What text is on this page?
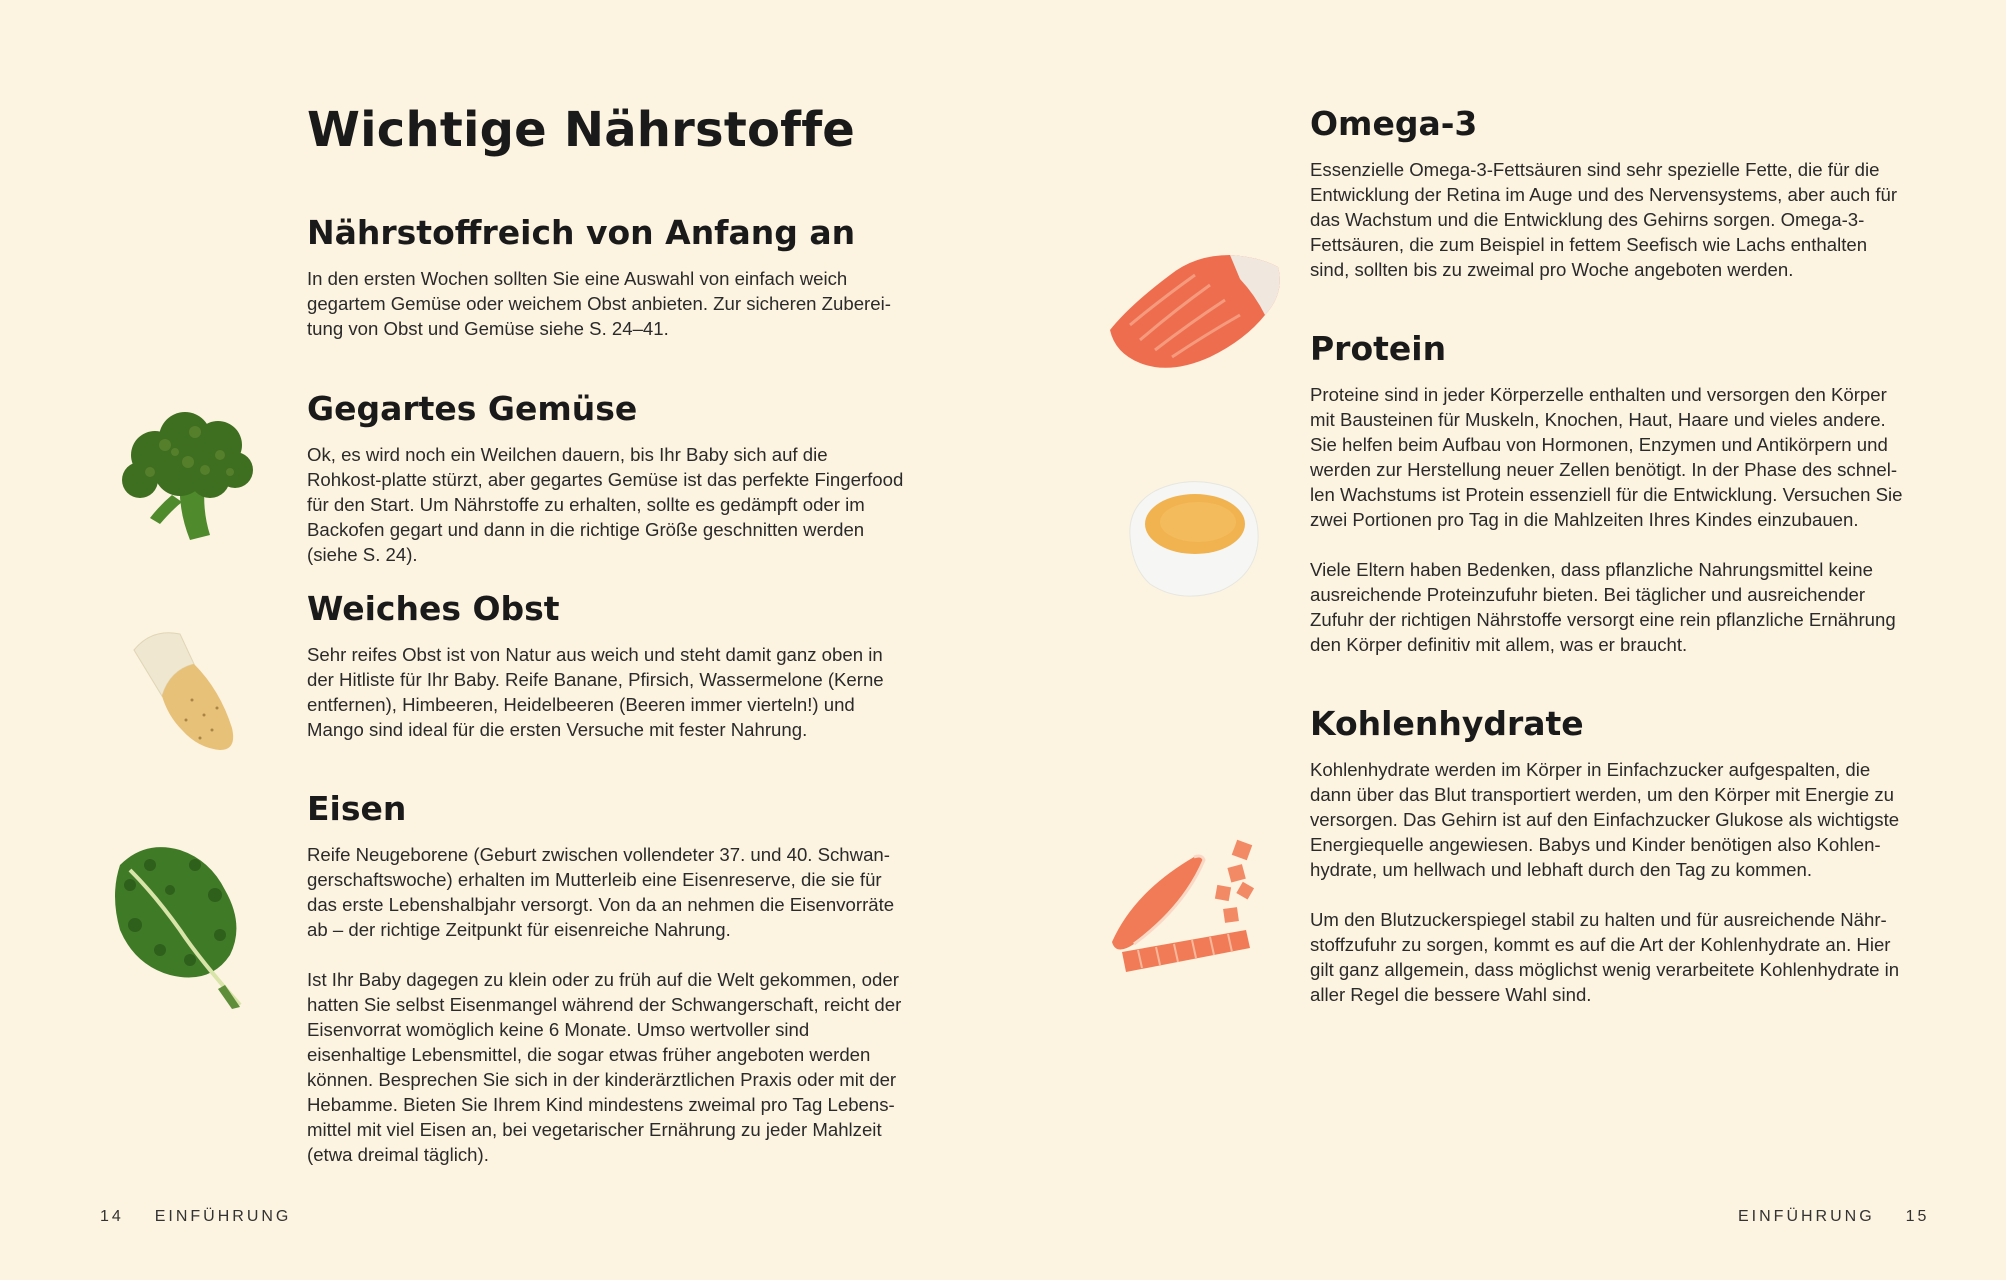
Wichtige Nährstoffe
Nährstoffreich von Anfang an

In den ersten Wochen sollten Sie eine Auswahl von einfach weich gegartem Gemüse oder weichem Obst anbieten. Zur sicheren Zuberei-tung von Obst und Gemüse siehe S. 24–41.

Gegartes Gemüse

Ok, es wird noch ein Weilchen dauern, bis Ihr Baby sich auf die Rohkost-platte stürzt, aber gegartes Gemüse ist das perfekte Fingerfood für den Start. Um Nährstoffe zu erhalten, sollte es gedämpft oder im Backofen gegart und dann in die richtige Größe geschnitten werden (siehe S. 24).

Weiches Obst

Sehr reifes Obst ist von Natur aus weich und steht damit ganz oben in der Hitliste für Ihr Baby. Reife Banane, Pfirsich, Wassermelone (Kerne entfernen), Himbeeren, Heidelbeeren (Beeren immer vierteln!) und Mango sind ideal für die ersten Versuche mit fester Nahrung.

Eisen

Reife Neugeborene (Geburt zwischen vollendeter 37. und 40. Schwan-gerschaftswoche) erhalten im Mutterleib eine Eisenreserve, die sie für das erste Lebenshalbjahr versorgt. Von da an nehmen die Eisenvorräte ab – der richtige Zeitpunkt für eisenreiche Nahrung.

Ist Ihr Baby dagegen zu klein oder zu früh auf die Welt gekommen, oder hatten Sie selbst Eisenmangel während der Schwangerschaft, reicht der Eisenvorrat womöglich keine 6 Monate. Umso wertvoller sind eisenhaltige Lebensmittel, die sogar etwas früher angeboten werden können. Besprechen Sie sich in der kinderärztlichen Praxis oder mit der Hebamme. Bieten Sie Ihrem Kind mindestens zweimal pro Tag Lebens-mittel mit viel Eisen an, bei vegetarischer Ernährung zu jeder Mahlzeit (etwa dreimal täglich).

Omega-3

Essenzielle Omega-3-Fettsäuren sind sehr spezielle Fette, die für die Entwicklung der Retina im Auge und des Nervensystems, aber auch für das Wachstum und die Entwicklung des Gehirns sorgen. Omega-3-Fettsäuren, die zum Beispiel in fettem Seefisch wie Lachs enthalten sind, sollten bis zu zweimal pro Woche angeboten werden.

Protein

Proteine sind in jeder Körperzelle enthalten und versorgen den Körper mit Bausteinen für Muskeln, Knochen, Haut, Haare und vieles andere. Sie helfen beim Aufbau von Hormonen, Enzymen und Antikörpern und werden zur Herstellung neuer Zellen benötigt. In der Phase des schnel-len Wachstums ist Protein essenziell für die Entwicklung. Versuchen Sie zwei Portionen pro Tag in die Mahlzeiten Ihres Kindes einzubauen.

Viele Eltern haben Bedenken, dass pflanzliche Nahrungsmittel keine ausreichende Proteinzufuhr bieten. Bei täglicher und ausreichender Zufuhr der richtigen Nährstoffe versorgt eine rein pflanzliche Ernährung den Körper definitiv mit allem, was er braucht.

Kohlenhydrate

Kohlenhydrate werden im Körper in Einfachzucker aufgespalten, die dann über das Blut transportiert werden, um den Körper mit Energie zu versorgen. Das Gehirn ist auf den Einfachzucker Glukose als wichtigste Energiequelle angewiesen. Babys und Kinder benötigen also Kohlen-hydrate, um hellwach und lebhaft durch den Tag zu kommen.

Um den Blutzuckerspiegel stabil zu halten und für ausreichende Nähr-stoffzufuhr zu sorgen, kommt es auf die Art der Kohlenhydrate an. Hier gilt ganz allgemein, dass möglichst wenig verarbeitete Kohlenhydrate in aller Regel die bessere Wahl sind.

14 EINFÜHRUNG	EINFÜHRUNG 15
